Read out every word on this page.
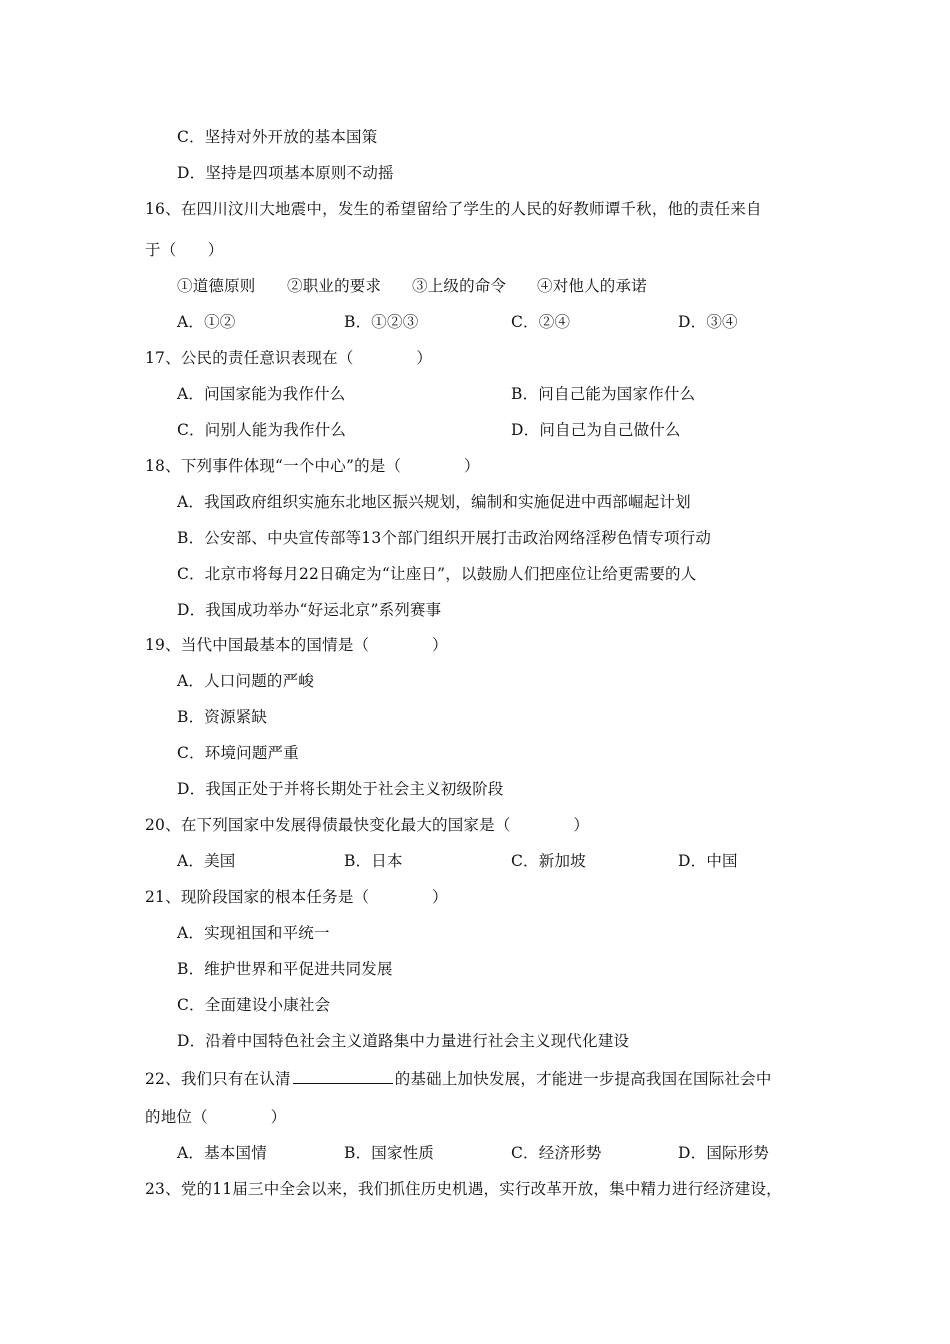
C．坚持对外开放的基本国策
D．坚持是四项基本原则不动摇
16、在四川汶川大地震中，发生的希望留给了学生的人民的好教师谭千秋，他的责任来自
于（　　）
①道德原则 ②职业的要求 ③上级的命令 ④对他人的承诺
A．①②	B．①②③	C．②④	D．③④
17、公民的责任意识表现在（　　　　）
A．问国家能为我作什么	B．问自己能为国家作什么
C．问别人能为我作什么	D．问自己为自己做什么
18、下列事件体现“一个中心”的是（　　　　）
A．我国政府组织实施东北地区振兴规划，编制和实施促进中西部崛起计划
B．公安部、中央宣传部等13个部门组织开展打击政治网络淫秽色情专项行动
C．北京市将每月22日确定为“让座日”，以鼓励人们把座位让给更需要的人
D．我国成功举办“好运北京”系列赛事
19、当代中国最基本的国情是（　　　　）
A．人口问题的严峻
B．资源紧缺
C．环境问题严重
D．我国正处于并将长期处于社会主义初级阶段
20、在下列国家中发展得债最快变化最大的国家是（　　　　）
A．美国	B．日本	C．新加坡	D．中国
21、现阶段国家的根本任务是（　　　　）
A．实现祖国和平统一
B．维护世界和平促进共同发展
C．全面建设小康社会
D．沿着中国特色社会主义道路集中力量进行社会主义现代化建设
22、我们只有在认清	的基础上加快发展，才能进一步提高我国在国际社会中
的地位（　　　　）
A．基本国情	B．国家性质	C．经济形势	D．国际形势
23、党的11届三中全会以来，我们抓住历史机遇，实行改革开放，集中精力进行经济建设，
